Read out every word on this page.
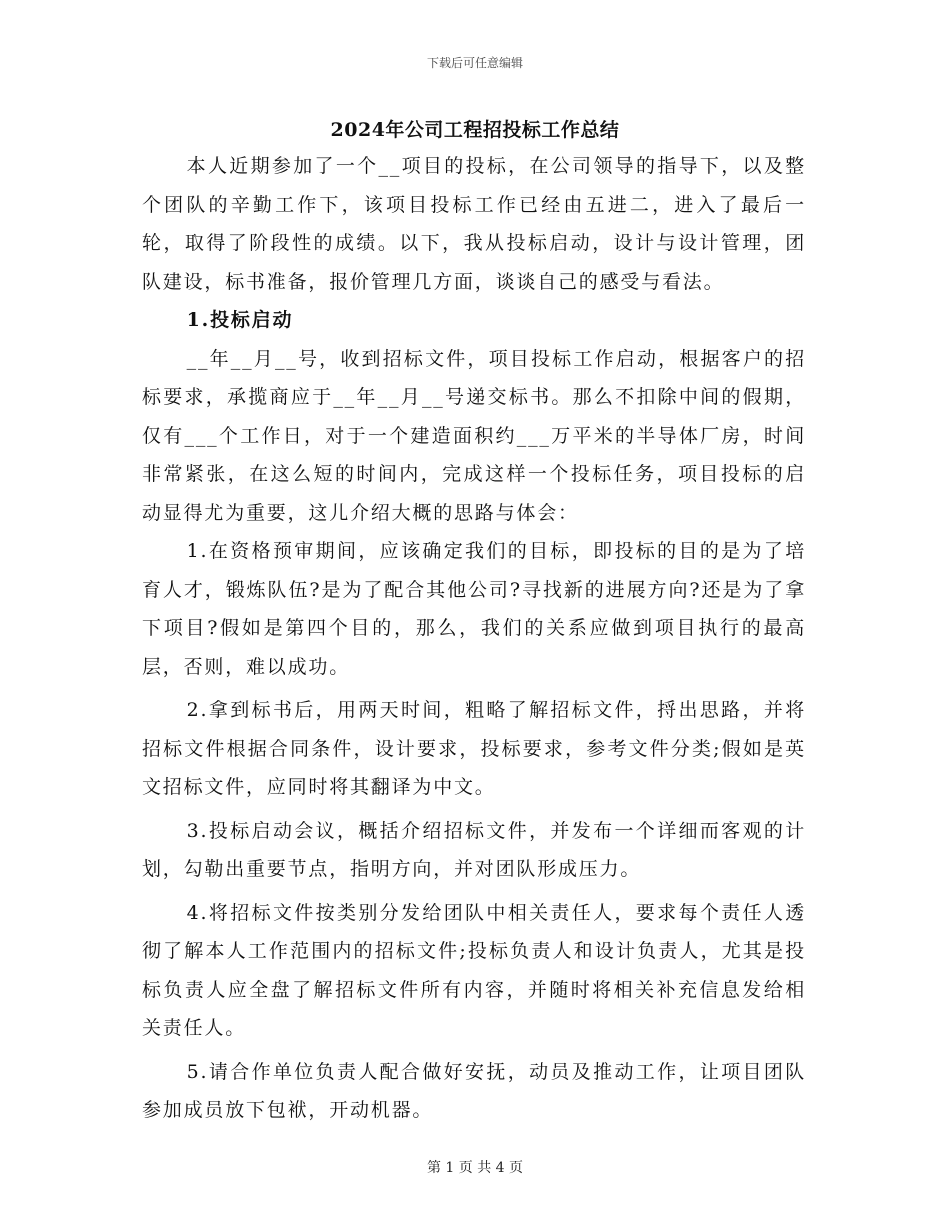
下载后可任意编辑
2024年公司工程招投标工作总结

本人近期参加了一个__项目的投标，在公司领导的指导下，以及整个团队的辛勤工作下，该项目投标工作已经由五进二，进入了最后一轮，取得了阶段性的成绩。以下，我从投标启动，设计与设计管理，团队建设，标书准备，报价管理几方面，谈谈自己的感受与看法。

1.投标启动

__年__月__号，收到招标文件，项目投标工作启动，根据客户的招标要求，承揽商应于__年__月__号递交标书。那么不扣除中间的假期，仅有___个工作日，对于一个建造面积约___万平米的半导体厂房，时间非常紧张，在这么短的时间内，完成这样一个投标任务，项目投标的启动显得尤为重要，这儿介绍大概的思路与体会：

1.在资格预审期间，应该确定我们的目标，即投标的目的是为了培育人才，锻炼队伍?是为了配合其他公司?寻找新的进展方向?还是为了拿下项目?假如是第四个目的，那么，我们的关系应做到项目执行的最高层，否则，难以成功。

2.拿到标书后，用两天时间，粗略了解招标文件，捋出思路，并将招标文件根据合同条件，设计要求，投标要求，参考文件分类;假如是英文招标文件，应同时将其翻译为中文。

3.投标启动会议，概括介绍招标文件，并发布一个详细而客观的计划，勾勒出重要节点，指明方向，并对团队形成压力。

4.将招标文件按类别分发给团队中相关责任人，要求每个责任人透彻了解本人工作范围内的招标文件;投标负责人和设计负责人，尤其是投标负责人应全盘了解招标文件所有内容，并随时将相关补充信息发给相关责任人。

5.请合作单位负责人配合做好安抚，动员及推动工作，让项目团队参加成员放下包袱，开动机器。

第 1 页 共 4 页
